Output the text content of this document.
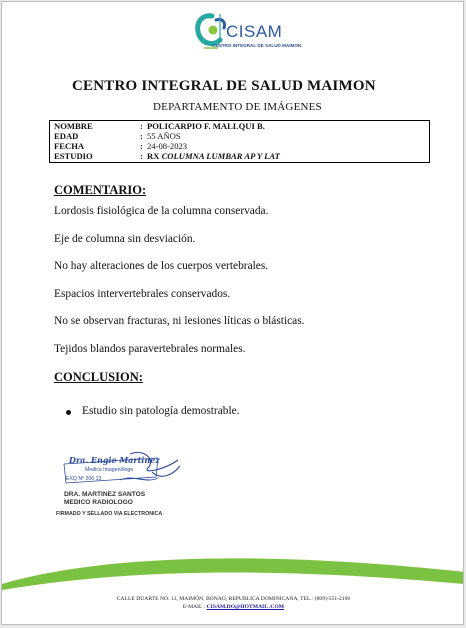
CISAM
CENTRO INTEGRAL DE SALUD MAIMON
CENTRO INTEGRAL DE SALUD MAIMON
DEPARTAMENTO DE IMÁGENES
NOMBRE	: POLICARPIO F. MALLQUI B.
EDAD	: 55 AÑOS
FECHA	: 24-08-2023
ESTUDIO	: RX COLUMNA LUMBAR AP Y LAT
COMENTARIO:
Lordosis fisiológica de la columna conservada.
Eje de columna sin desviación.
No hay alteraciones de los cuerpos vertebrales.
Espacios intervertebrales conservados.
No se observan fracturas, ni lesiones líticas o blásticas.
Tejidos blandos paravertebrales normales.
CONCLUSION:
Estudio sin patología demostrable.
Dra. Engie Martinez
Medico Imagenólogo
EXQ Nº 206 13
DRA. MARTINEZ SANTOS
MEDICO RADIOLOGO
FIRMADO Y SELLADO VIA ELECTRONICA
CALLE DUARTE NO. 13, MAIMÓN, BONAO, REPUBLICA DOMINICANA, TEL.: (809)-551-2196
E-MAIL : CISAM.DO@HOTMAIL .COM
